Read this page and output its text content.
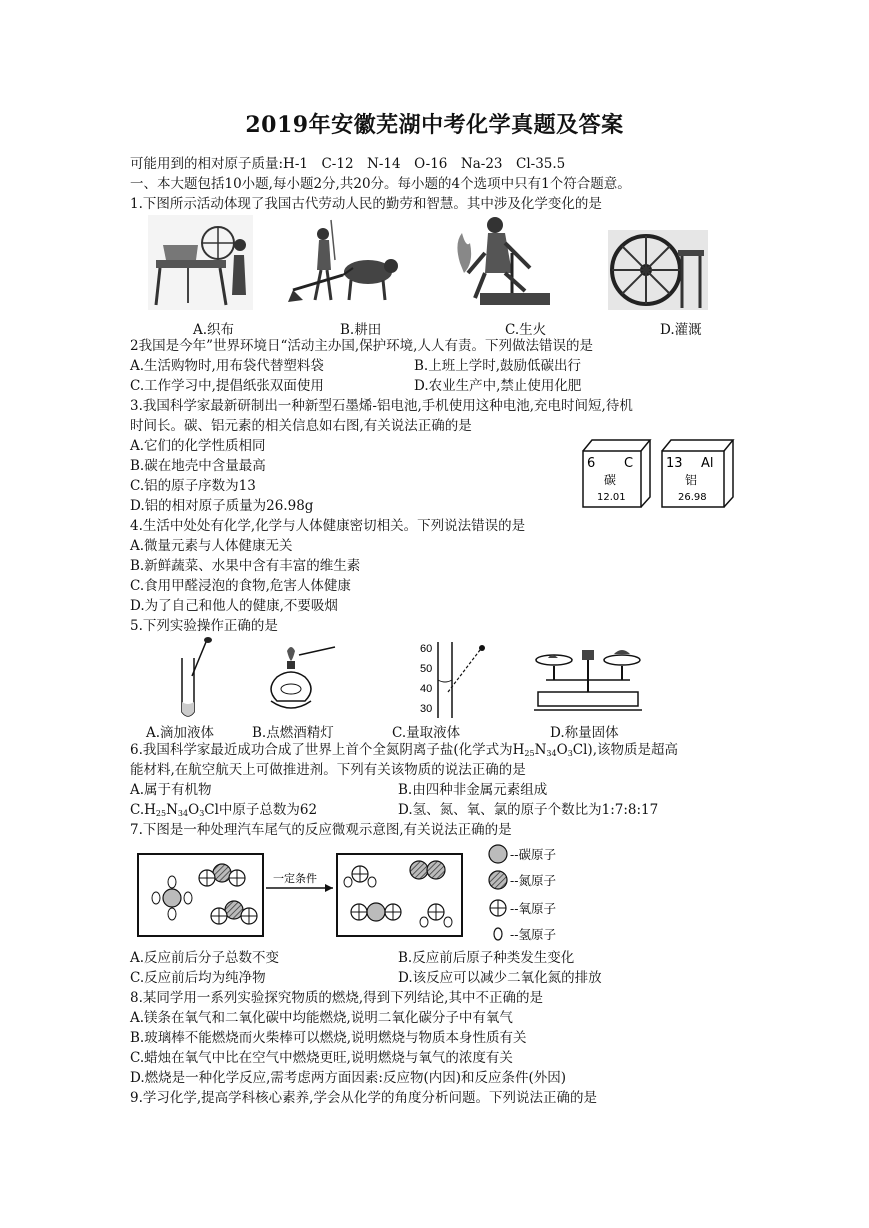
2019年安徽芜湖中考化学真题及答案
可能用到的相对原子质量:H-1　C-12　N-14　O-16　Na-23　Cl-35.5
一、本大题包括10小题,每小题2分,共20分。每小题的4个选项中只有1个符合题意。
1.下图所示活动体现了我国古代劳动人民的勤劳和智慧。其中涉及化学变化的是
A.织布	B.耕田	C.生火	D.灌溉
2我国是今年”世界环境日“活动主办国,保护环境,人人有责。下列做法错误的是
A.生活购物时,用布袋代替塑料袋	B.上班上学时,鼓励低碳出行
C.工作学习中,提倡纸张双面使用	D.农业生产中,禁止使用化肥
3.我国科学家最新研制出一种新型石墨烯-铝电池,手机使用这种电池,充电时间短,待机
时间长。碳、铝元素的相关信息如右图,有关说法正确的是
A.它们的化学性质相同
B.碳在地壳中含量最高
C.铝的原子序数为13
D.铝的相对原子质量为26.98g
6 C
碳
12.01
13 Al
铝
26.98
4.生活中处处有化学,化学与人体健康密切相关。下列说法错误的是
A.微量元素与人体健康无关
B.新鲜蔬菜、水果中含有丰富的维生素
C.食用甲醛浸泡的食物,危害人体健康
D.为了自己和他人的健康,不要吸烟
5.下列实验操作正确的是
60
50
40
30
A.滴加液体	B.点燃酒精灯	C.量取液体	D.称量固体
6.我国科学家最近成功合成了世界上首个全氮阴离子盐(化学式为$H_{25}N_{34}O_3Cl$),该物质是超高
能材料,在航空航天上可做推进剂。下列有关该物质的说法正确的是
A.属于有机物	B.由四种非金属元素组成
$C.H_{25}N_{34}O_3Cl$中原子总数为62	D.氢、氮、氧、氯的原子个数比为1:7:8:17
7.下图是一种处理汽车尾气的反应微观示意图,有关说法正确的是
一定条件
--碳原子
--氮原子
--氧原子
--氢原子
A.反应前后分子总数不变	B.反应前后原子种类发生变化
C.反应前后均为纯净物	D.该反应可以减少二氧化氮的排放
8.某同学用一系列实验探究物质的燃烧,得到下列结论,其中不正确的是
A.镁条在氧气和二氧化碳中均能燃烧,说明二氧化碳分子中有氧气
B.玻璃棒不能燃烧而火柴棒可以燃烧,说明燃烧与物质本身性质有关
C.蜡烛在氧气中比在空气中燃烧更旺,说明燃烧与氧气的浓度有关
D.燃烧是一种化学反应,需考虑两方面因素:反应物(内因)和反应条件(外因)
9.学习化学,提高学科核心素养,学会从化学的角度分析问题。下列说法正确的是
